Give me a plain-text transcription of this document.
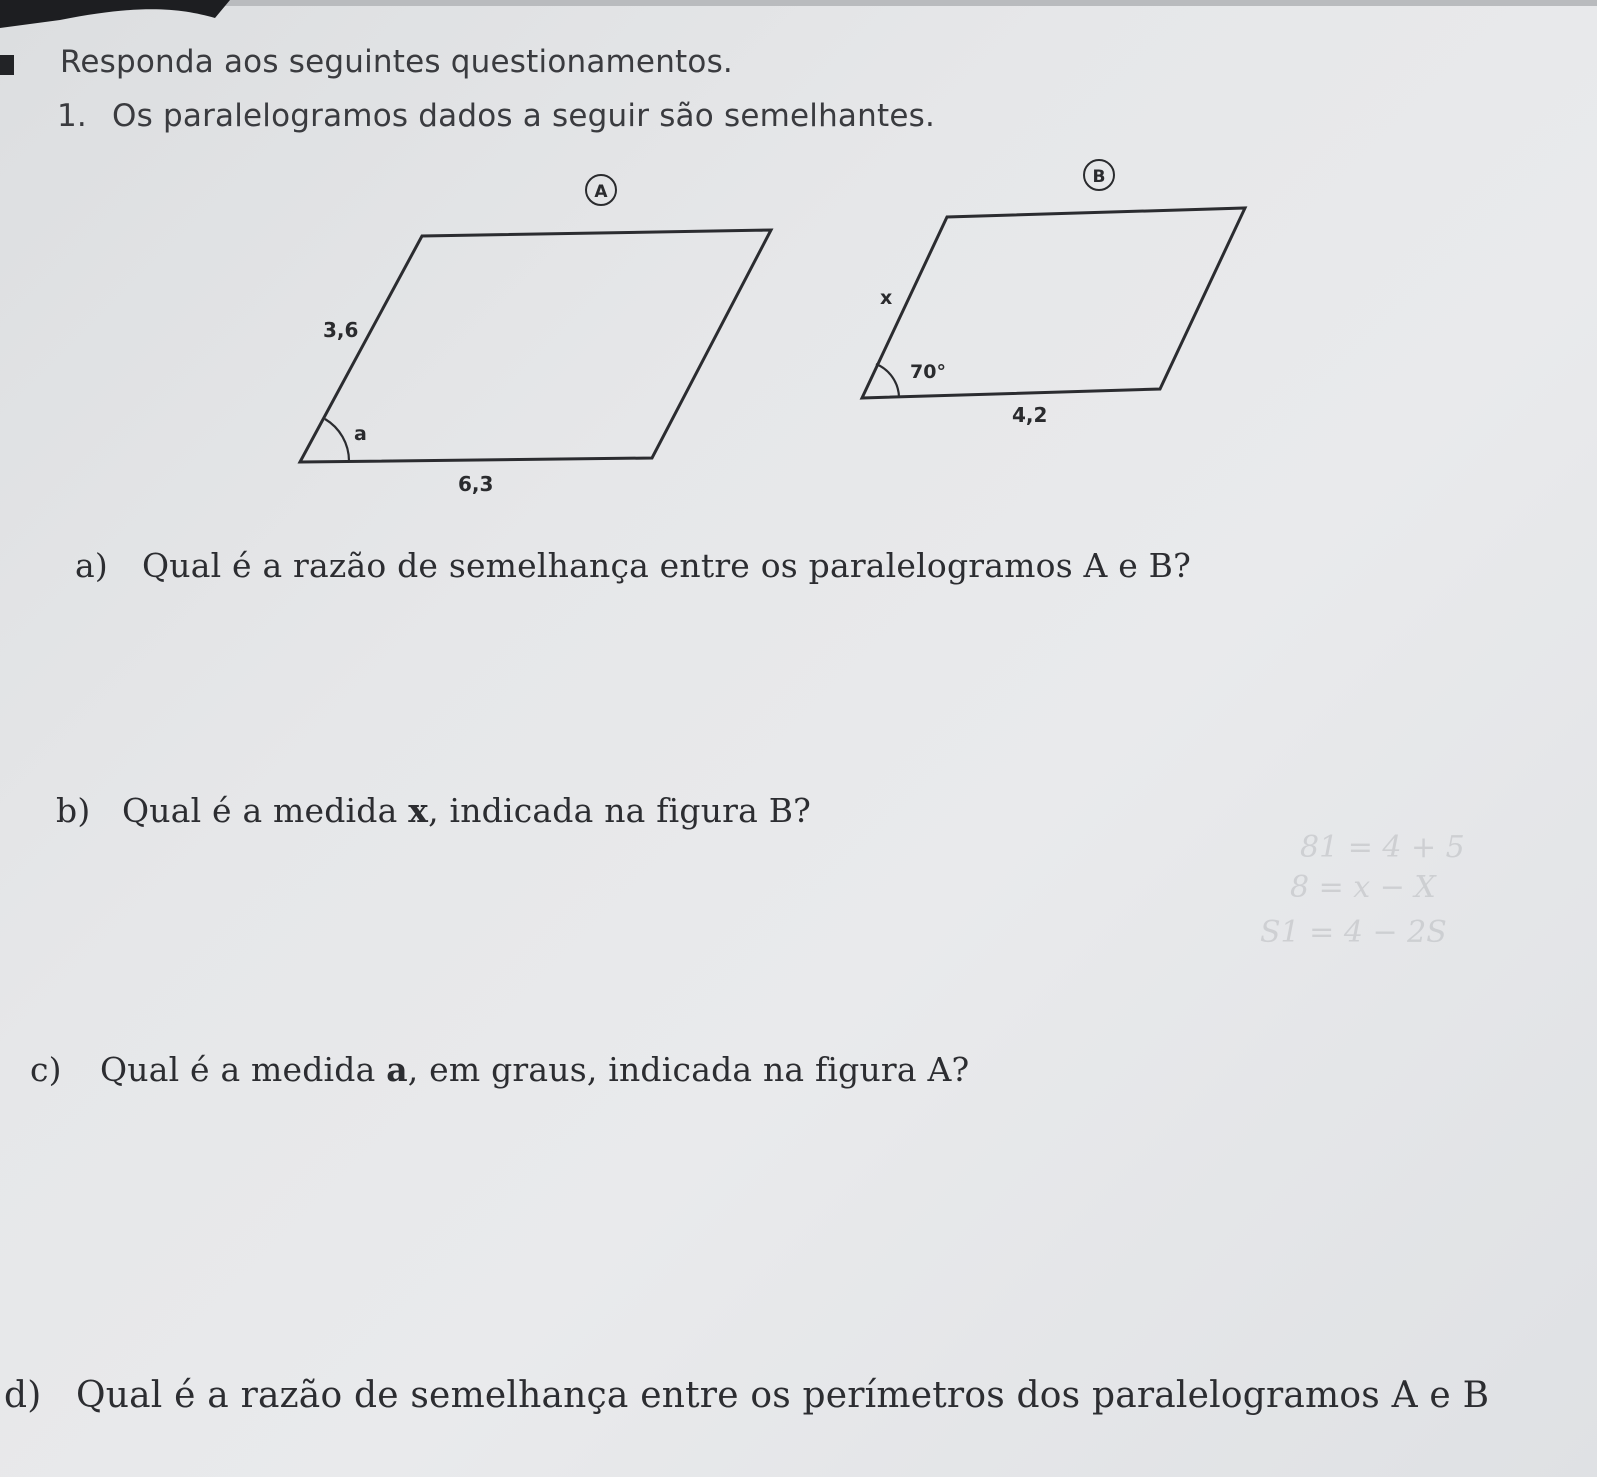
81 = 4 + 5
8 = x − X
S1 = 4 − 2S
Responda aos seguintes questionamentos.
1. Os paralelogramos dados a seguir são semelhantes.
A
3,6
a
6,3
B
x
70°
4,2
a) Qual é a razão de semelhança entre os paralelogramos A e B?
b) Qual é a medida x, indicada na figura B?
c) Qual é a medida a, em graus, indicada na figura A?
d) Qual é a razão de semelhança entre os perímetros dos paralelogramos A e B
